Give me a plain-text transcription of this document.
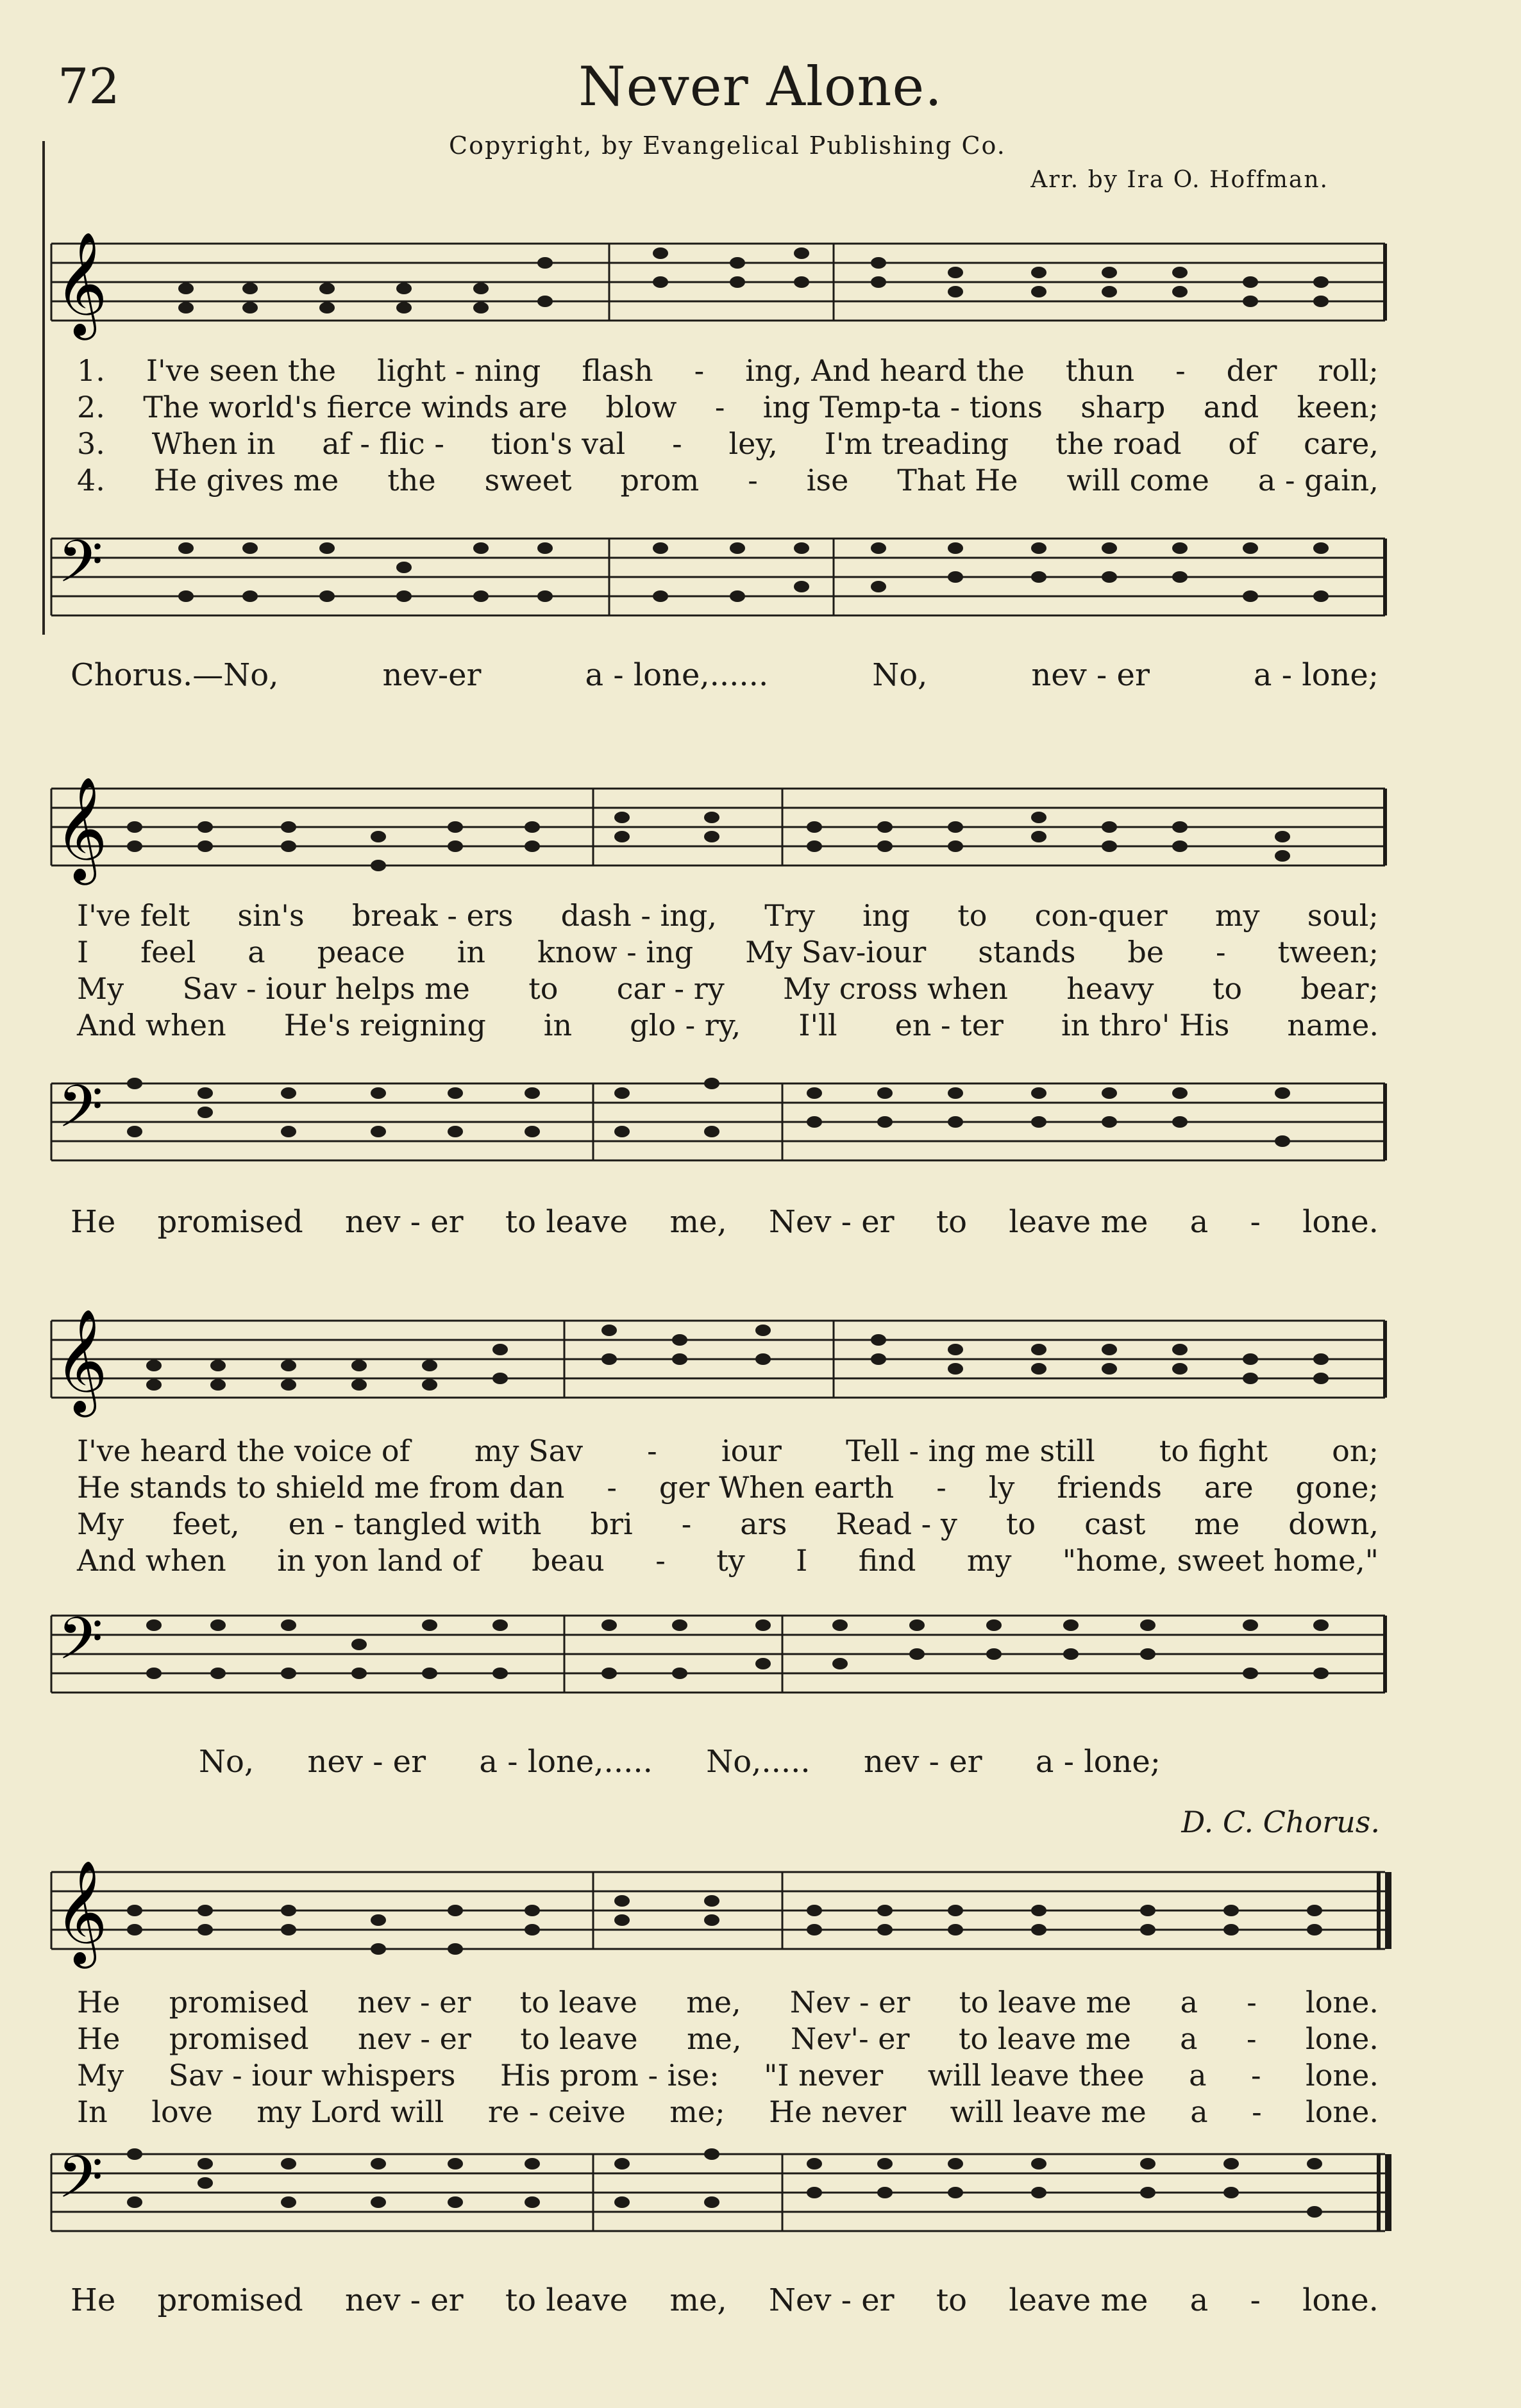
72	Never Alone.
Copyright, by Evangelical Publishing Co.
Arr. by Ira O. Hoffman.
𝄞
1. I've seen the light - ning flash - ing, And heard the thun - der roll;
2. The world's fierce winds are blow - ing Temp-ta - tions sharp and keen;
3. When in af - flic - tion's val - ley, I'm treading the road of care,
4. He gives me the sweet prom - ise That He will come a - gain,
𝄢
Chorus.—No,	nev-er	a - lone,......	No,	nev - er	a - lone;
𝄞
I've felt sin's break - ers dash - ing, Try ing to con-quer my soul;
I feel a peace in know - ing My Sav-iour stands be - tween;
My Sav - iour helps me to car - ry My cross when heavy to bear;
And when He's reigning in glo - ry, I'll en - ter in thro' His name.
𝄢
He promised nev - er to leave me, Nev - er to leave me a - lone.
𝄞
I've heard the voice of my Sav - iour Tell - ing me still to fight on;
He stands to shield me from dan - ger When earth - ly friends are gone;
My feet, en - tangled with bri - ars Read - y to cast me down,
And when in yon land of beau - ty I find my "home, sweet home,"
𝄢
No, nev - er a - lone,..... No,..... nev - er a - lone;
D. C. Chorus.
𝄞
He promised nev - er to leave me, Nev - er to leave me a - lone.
He promised nev - er to leave me, Nev'- er to leave me a - lone.
My Sav - iour whispers His prom - ise: "I never will leave thee a - lone.
In love my Lord will re - ceive me; He never will leave me a - lone.
𝄢
He promised nev - er to leave me, Nev - er to leave me a - lone.
